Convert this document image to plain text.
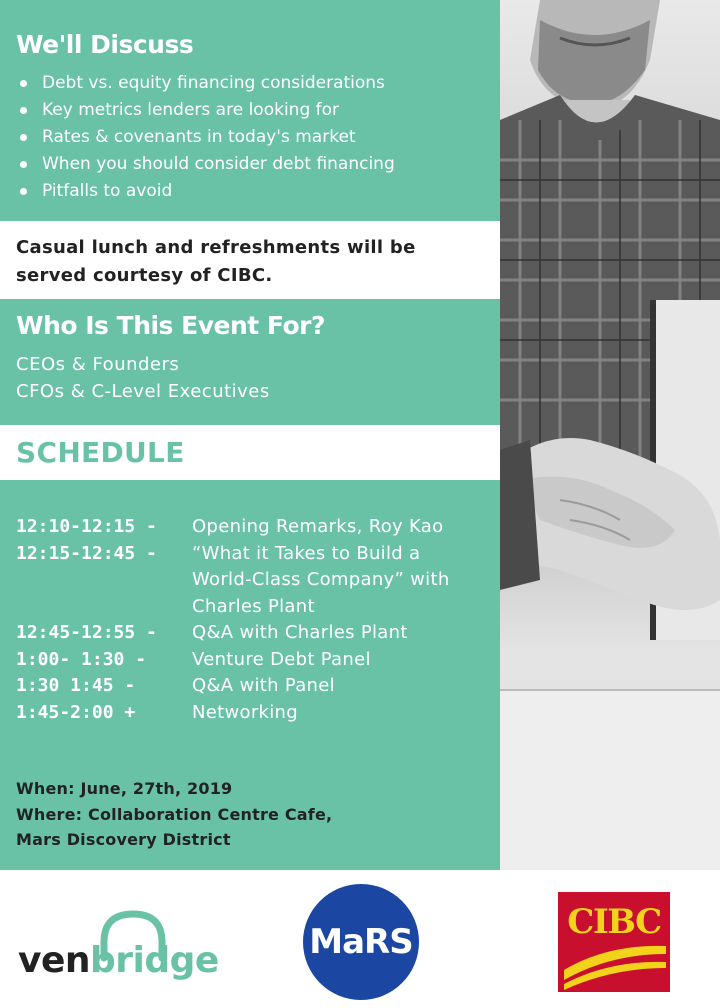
We'll Discuss
Debt vs. equity financing considerations
Key metrics lenders are looking for
Rates & covenants in today's market
When you should consider debt financing
Pitfalls to avoid
Casual lunch and refreshments will be
served courtesy of CIBC.
Who Is This Event For?
CEOs & Founders
CFOs & C-Level Executives
SCHEDULE
12:10-12:15 -	Opening Remarks, Roy Kao
12:15-12:45 -	“What it Takes to Build a
World-Class Company” with
Charles Plant
12:45-12:55 -	Q&A with Charles Plant
1:00- 1:30 -	Venture Debt Panel
1:30 1:45 -	Q&A with Panel
1:45-2:00 +	Networking
When: June, 27th, 2019
Where: Collaboration Centre Cafe,
Mars Discovery District
venbridge	MaRS	CIBC
